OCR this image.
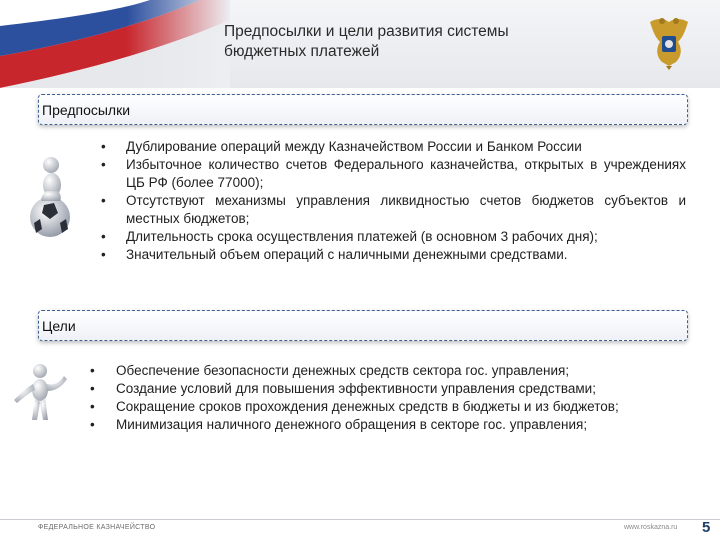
Предпосылки и цели развития системы
бюджетных платежей
Предпосылки
• Дублирование операций между Казначейством России и Банком России
• Избыточное количество счетов Федерального казначейства, открытых в учреждениях ЦБ РФ (более 77000);
• Отсутствуют механизмы управления ликвидностью счетов бюджетов субъектов и местных бюджетов;
• Длительность срока осуществления платежей (в основном 3 рабочих дня);
• Значительный объем операций с наличными денежными средствами.
Цели
• Обеспечение безопасности денежных средств сектора гос. управления;
• Создание условий для повышения эффективности управления средствами;
• Сокращение сроков прохождения денежных средств в бюджеты и из бюджетов;
• Минимизация наличного денежного обращения в секторе гос. управления;
ФЕДЕРАЛЬНОЕ КАЗНАЧЕЙСТВО	www.roskazna.ru 5
